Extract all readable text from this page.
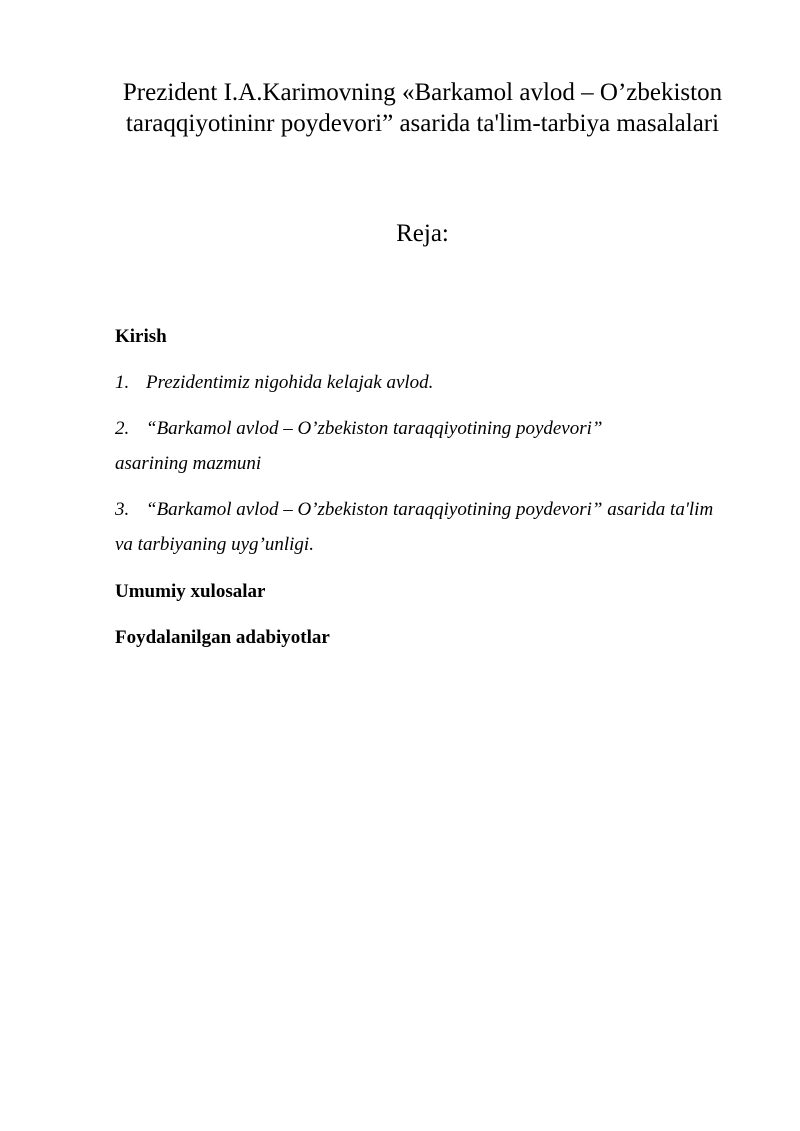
Prezident I.A.Karimovning «Barkamol avlod – O’zbekiston taraqqiyotininr poydevori” asarida ta'lim-tarbiya masalalari
Reja:
Kirish
1. Prezidentimiz nigohida kelajak avlod.
2. “Barkamol avlod – O’zbekiston taraqqiyotining poydevori” asarining mazmuni
3. “Barkamol avlod – O’zbekiston taraqqiyotining poydevori” asarida ta'lim va tarbiyaning uyg’unligi.
Umumiy xulosalar
Foydalanilgan adabiyotlar
